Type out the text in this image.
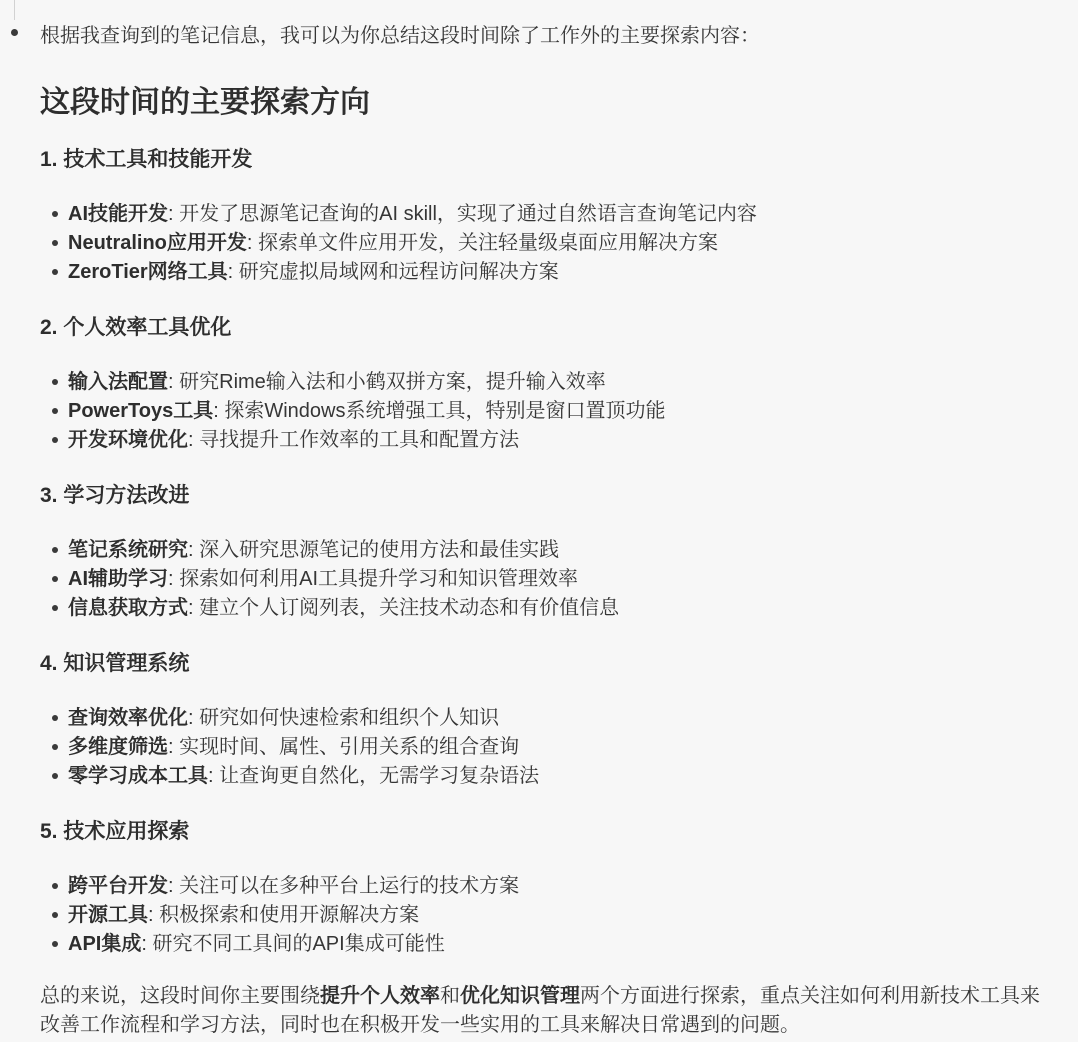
根据我查询到的笔记信息，我可以为你总结这段时间除了工作外的主要探索内容：

这段时间的主要探索方向
1. 技术工具和技能开发
AI技能开发: 开发了思源笔记查询的AI skill，实现了通过自然语言查询笔记内容
Neutralino应用开发: 探索单文件应用开发，关注轻量级桌面应用解决方案
ZeroTier网络工具: 研究虚拟局域网和远程访问解决方案
2. 个人效率工具优化
输入法配置: 研究Rime输入法和小鹤双拼方案，提升输入效率
PowerToys工具: 探索Windows系统增强工具，特别是窗口置顶功能
开发环境优化: 寻找提升工作效率的工具和配置方法
3. 学习方法改进
笔记系统研究: 深入研究思源笔记的使用方法和最佳实践
AI辅助学习: 探索如何利用AI工具提升学习和知识管理效率
信息获取方式: 建立个人订阅列表，关注技术动态和有价值信息
4. 知识管理系统
查询效率优化: 研究如何快速检索和组织个人知识
多维度筛选: 实现时间、属性、引用关系的组合查询
零学习成本工具: 让查询更自然化，无需学习复杂语法
5. 技术应用探索
跨平台开发: 关注可以在多种平台上运行的技术方案
开源工具: 积极探索和使用开源解决方案
API集成: 研究不同工具间的API集成可能性

总的来说，这段时间你主要围绕提升个人效率和优化知识管理两个方面进行探索，重点关注如何利用新技术工具来改善工作流程和学习方法，同时也在积极开发一些实用的工具来解决日常遇到的问题。
